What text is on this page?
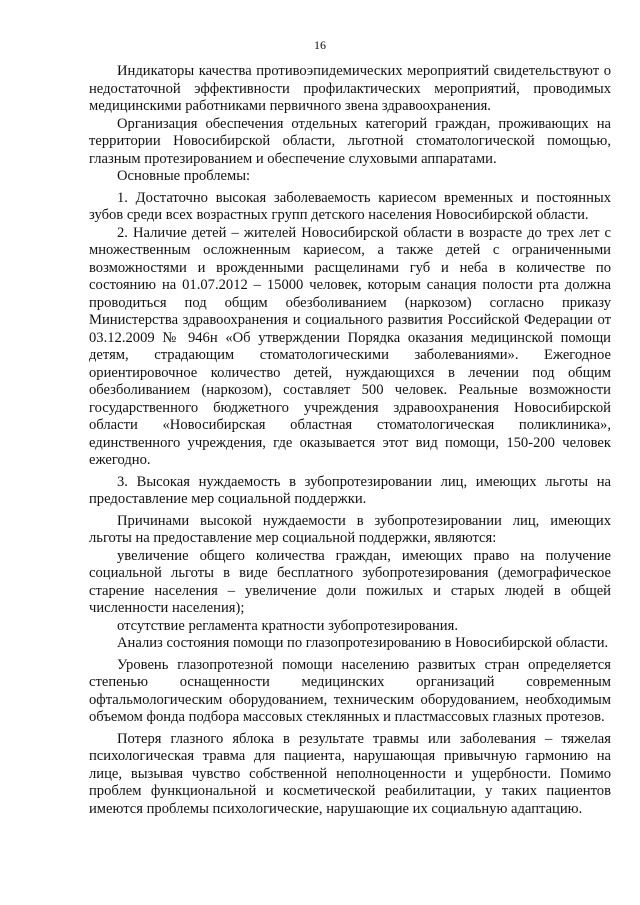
16

Индикаторы качества противоэпидемических мероприятий свидетельствуют о недостаточной эффективности профилактических мероприятий, проводимых медицинскими работниками первичного звена здравоохранения.

Организация обеспечения отдельных категорий граждан, проживающих на территории Новосибирской области, льготной стоматологической помощью, глазным протезированием и обеспечение слуховыми аппаратами.

Основные проблемы:

1. Достаточно высокая заболеваемость кариесом временных и постоянных зубов среди всех возрастных групп детского населения Новосибирской области.

2. Наличие детей – жителей Новосибирской области в возрасте до трех лет с множественным осложненным кариесом, а также детей с ограниченными возможностями и врожденными расщелинами губ и неба в количестве по состоянию на 01.07.2012 – 15000 человек, которым санация полости рта должна проводиться под общим обезболиванием (наркозом) согласно приказу Министерства здравоохранения и социального развития Российской Федерации от 03.12.2009 № 946н «Об утверждении Порядка оказания медицинской помощи детям, страдающим стоматологическими заболеваниями». Ежегодное ориентировочное количество детей, нуждающихся в лечении под общим обезболиванием (наркозом), составляет 500 человек. Реальные возможности государственного бюджетного учреждения здравоохранения Новосибирской области «Новосибирская областная стоматологическая поликлиника», единственного учреждения, где оказывается этот вид помощи, 150-200 человек ежегодно.

3. Высокая нуждаемость в зубопротезировании лиц, имеющих льготы на предоставление мер социальной поддержки.

Причинами высокой нуждаемости в зубопротезировании лиц, имеющих льготы на предоставление мер социальной поддержки, являются:

увеличение общего количества граждан, имеющих право на получение социальной льготы в виде бесплатного зубопротезирования (демографическое старение населения – увеличение доли пожилых и старых людей в общей численности населения);

отсутствие регламента кратности зубопротезирования.

Анализ состояния помощи по глазопротезированию в Новосибирской области.

Уровень глазопротезной помощи населению развитых стран определяется степенью оснащенности медицинских организаций современным офтальмологическим оборудованием, техническим оборудованием, необходимым объемом фонда подбора массовых стеклянных и пластмассовых глазных протезов.

Потеря глазного яблока в результате травмы или заболевания – тяжелая психологическая травма для пациента, нарушающая привычную гармонию на лице, вызывая чувство собственной неполноценности и ущербности. Помимо проблем функциональной и косметической реабилитации, у таких пациентов имеются проблемы психологические, нарушающие их социальную адаптацию.
